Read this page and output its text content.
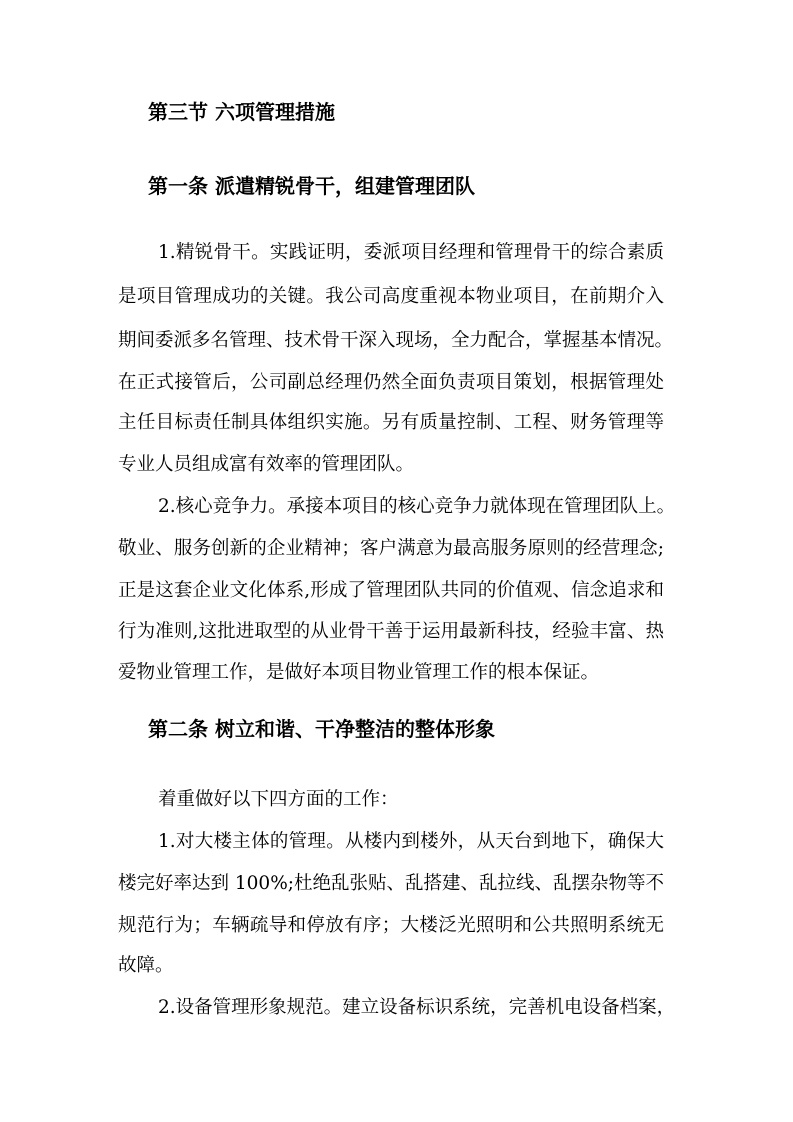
第三节 六项管理措施
第一条 派遣精锐骨干，组建管理团队
1.精锐骨干。实践证明，委派项目经理和管理骨干的综合素质
是项目管理成功的关键。我公司高度重视本物业项目，在前期介入
期间委派多名管理、技术骨干深入现场，全力配合，掌握基本情况。
在正式接管后，公司副总经理仍然全面负责项目策划，根据管理处
主任目标责任制具体组织实施。另有质量控制、工程、财务管理等
专业人员组成富有效率的管理团队。
2.核心竞争力。承接本项目的核心竞争力就体现在管理团队上。
敬业、服务创新的企业精神；客户满意为最高服务原则的经营理念;
正是这套企业文化体系,形成了管理团队共同的价值观、信念追求和
行为准则,这批进取型的从业骨干善于运用最新科技，经验丰富、热
爱物业管理工作，是做好本项目物业管理工作的根本保证。
第二条 树立和谐、干净整洁的整体形象
着重做好以下四方面的工作：
1.对大楼主体的管理。从楼内到楼外，从天台到地下，确保大
楼完好率达到 100%;杜绝乱张贴、乱搭建、乱拉线、乱摆杂物等不
规范行为；车辆疏导和停放有序；大楼泛光照明和公共照明系统无
故障。
2.设备管理形象规范。建立设备标识系统，完善机电设备档案，
